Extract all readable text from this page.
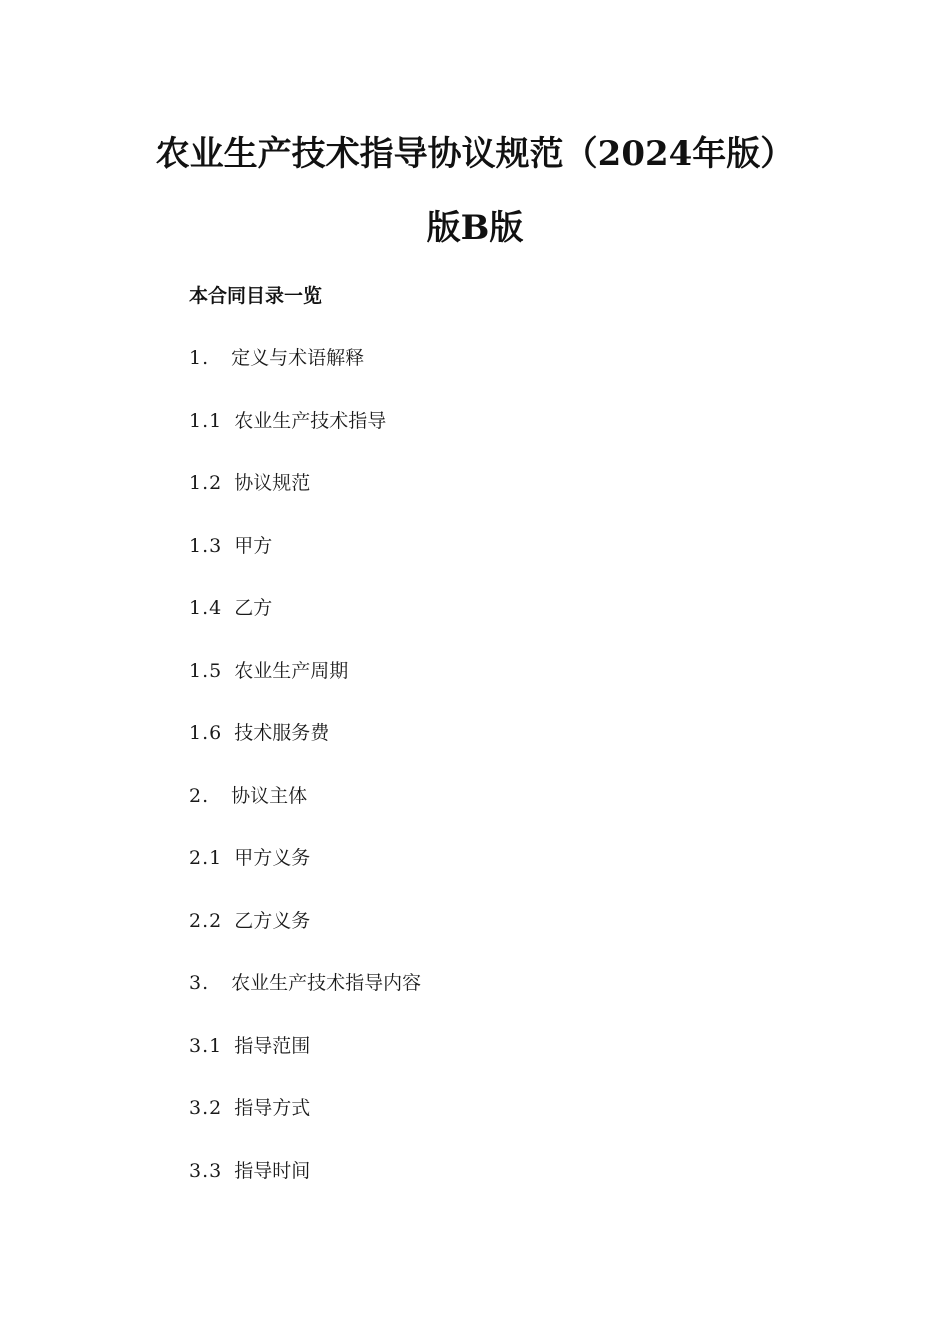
农业生产技术指导协议规范（2024年版）
版B版

本合同目录一览

1. 定义与术语解释
1.1 农业生产技术指导
1.2 协议规范
1.3 甲方
1.4 乙方
1.5 农业生产周期
1.6 技术服务费
2. 协议主体
2.1 甲方义务
2.2 乙方义务
3. 农业生产技术指导内容
3.1 指导范围
3.2 指导方式
3.3 指导时间
